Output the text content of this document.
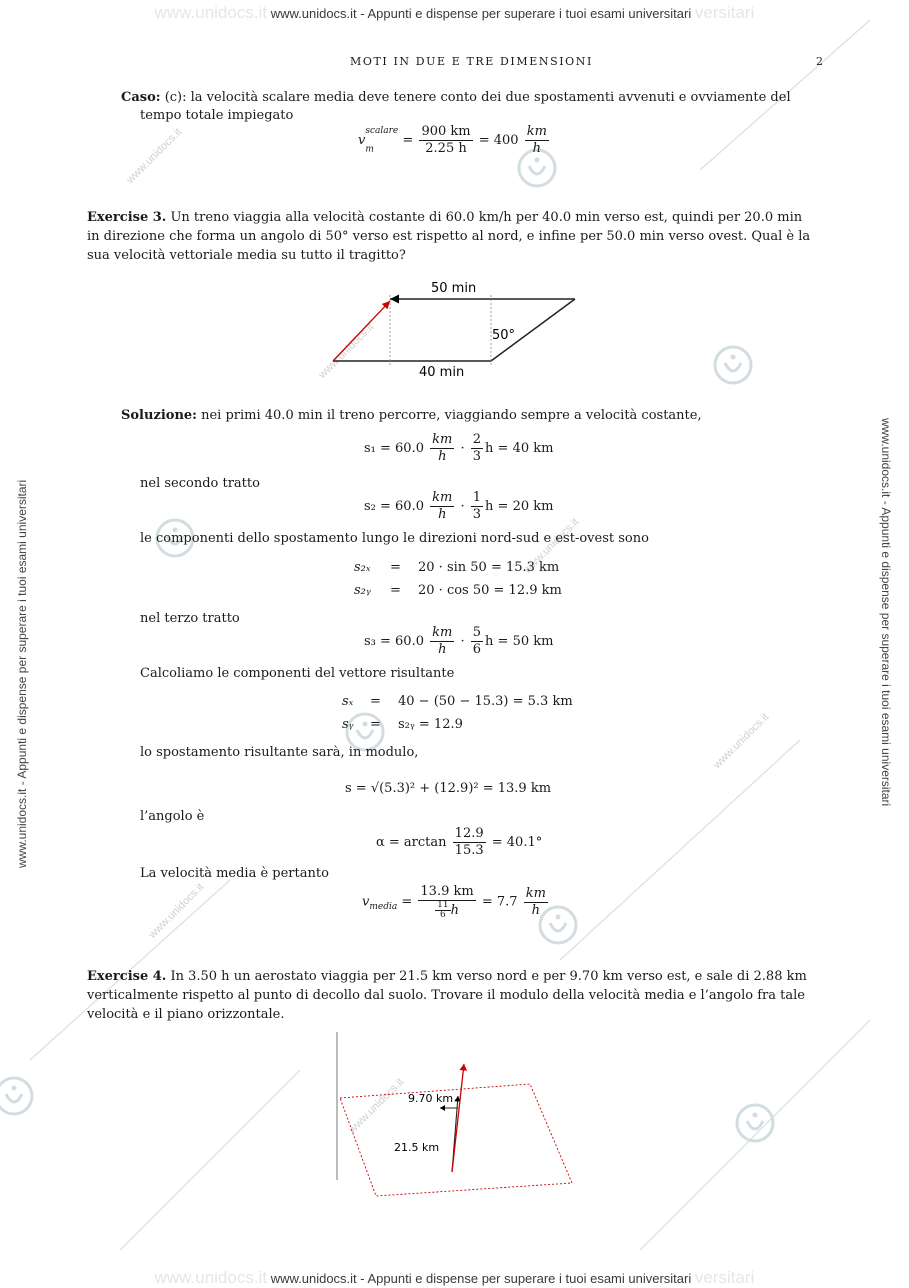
www.unidocs.it www.unidocs.it - Appunti e dispense per superare i tuoi esami universitari versitari
www.unidocs.it www.unidocs.it - Appunti e dispense per superare i tuoi esami universitari versitari
www.unidocs.it - Appunti e dispense per superare i tuoi esami universitari	www.unidocs.it - Appunti e dispense per superare i tuoi esami universitari
www.unidocs.it
www.unidocs.it
www.unidocs.it
www.unidocs.it
www.unidocs.it
www.unidocs.it
MOTI IN DUE E TRE DIMENSIONI	2
Caso: (c): la velocità scalare media deve tenere conto dei due spostamenti avvenuti e ovviamente del
tempo totale impiegato
$v^{scalare}$
$_m = \frac{900 km}{2.25 h} = 400 \frac{km}{h}$
Exercise 3. Un treno viaggia alla velocità costante di 60.0 km/h per 40.0 min verso est, quindi per 20.0 min
in direzione che forma un angolo di 50° verso est rispetto al nord, e infine per 50.0 min verso ovest. Qual è la
sua velocità vettoriale media su tutto il tragitto?
50 min
50°
40 min
Soluzione: nei primi 40.0 min il treno percorre, viaggiando sempre a velocità costante,
$s_1 = 60.0 \frac{km}{h} \cdot \frac{2}{3}$ h = 40 km
nel secondo tratto
$s_2 = 60.0 \frac{km}{h} \cdot \frac{1}{3}$ h = 20 km
le componenti dello spostamento lungo le direzioni nord-sud e est-ovest sono
s₂ₓ = 20 · sin 50 = 15.3 km
s₂ᵧ = 20 · cos 50 = 12.9 km
nel terzo tratto
$s_3 = 60.0 \frac{km}{h} \cdot \frac{5}{6}$ h = 50 km
Calcoliamo le componenti del vettore risultante
sₓ = 40 − (50 − 15.3) = 5.3 km
sᵧ = s₂ᵧ = 12.9
lo spostamento risultante sarà, in modulo,
s = √(5.3)² + (12.9)² = 13.9 km
l’angolo è
$\alpha = \arctan \frac{12.9}{15.3} = 40.1^\circ$
La velocità media è pertanto
$v_{media} = \frac{13.9 km}{\frac{11}{6} h} = 7.7 \frac{km}{h}$
Exercise 4. In 3.50 h un aerostato viaggia per 21.5 km verso nord e per 9.70 km verso est, e sale di 2.88 km
verticalmente rispetto al punto di decollo dal suolo. Trovare il modulo della velocità media e l’angolo fra tale
velocità e il piano orizzontale.
9.70 km
21.5 km
